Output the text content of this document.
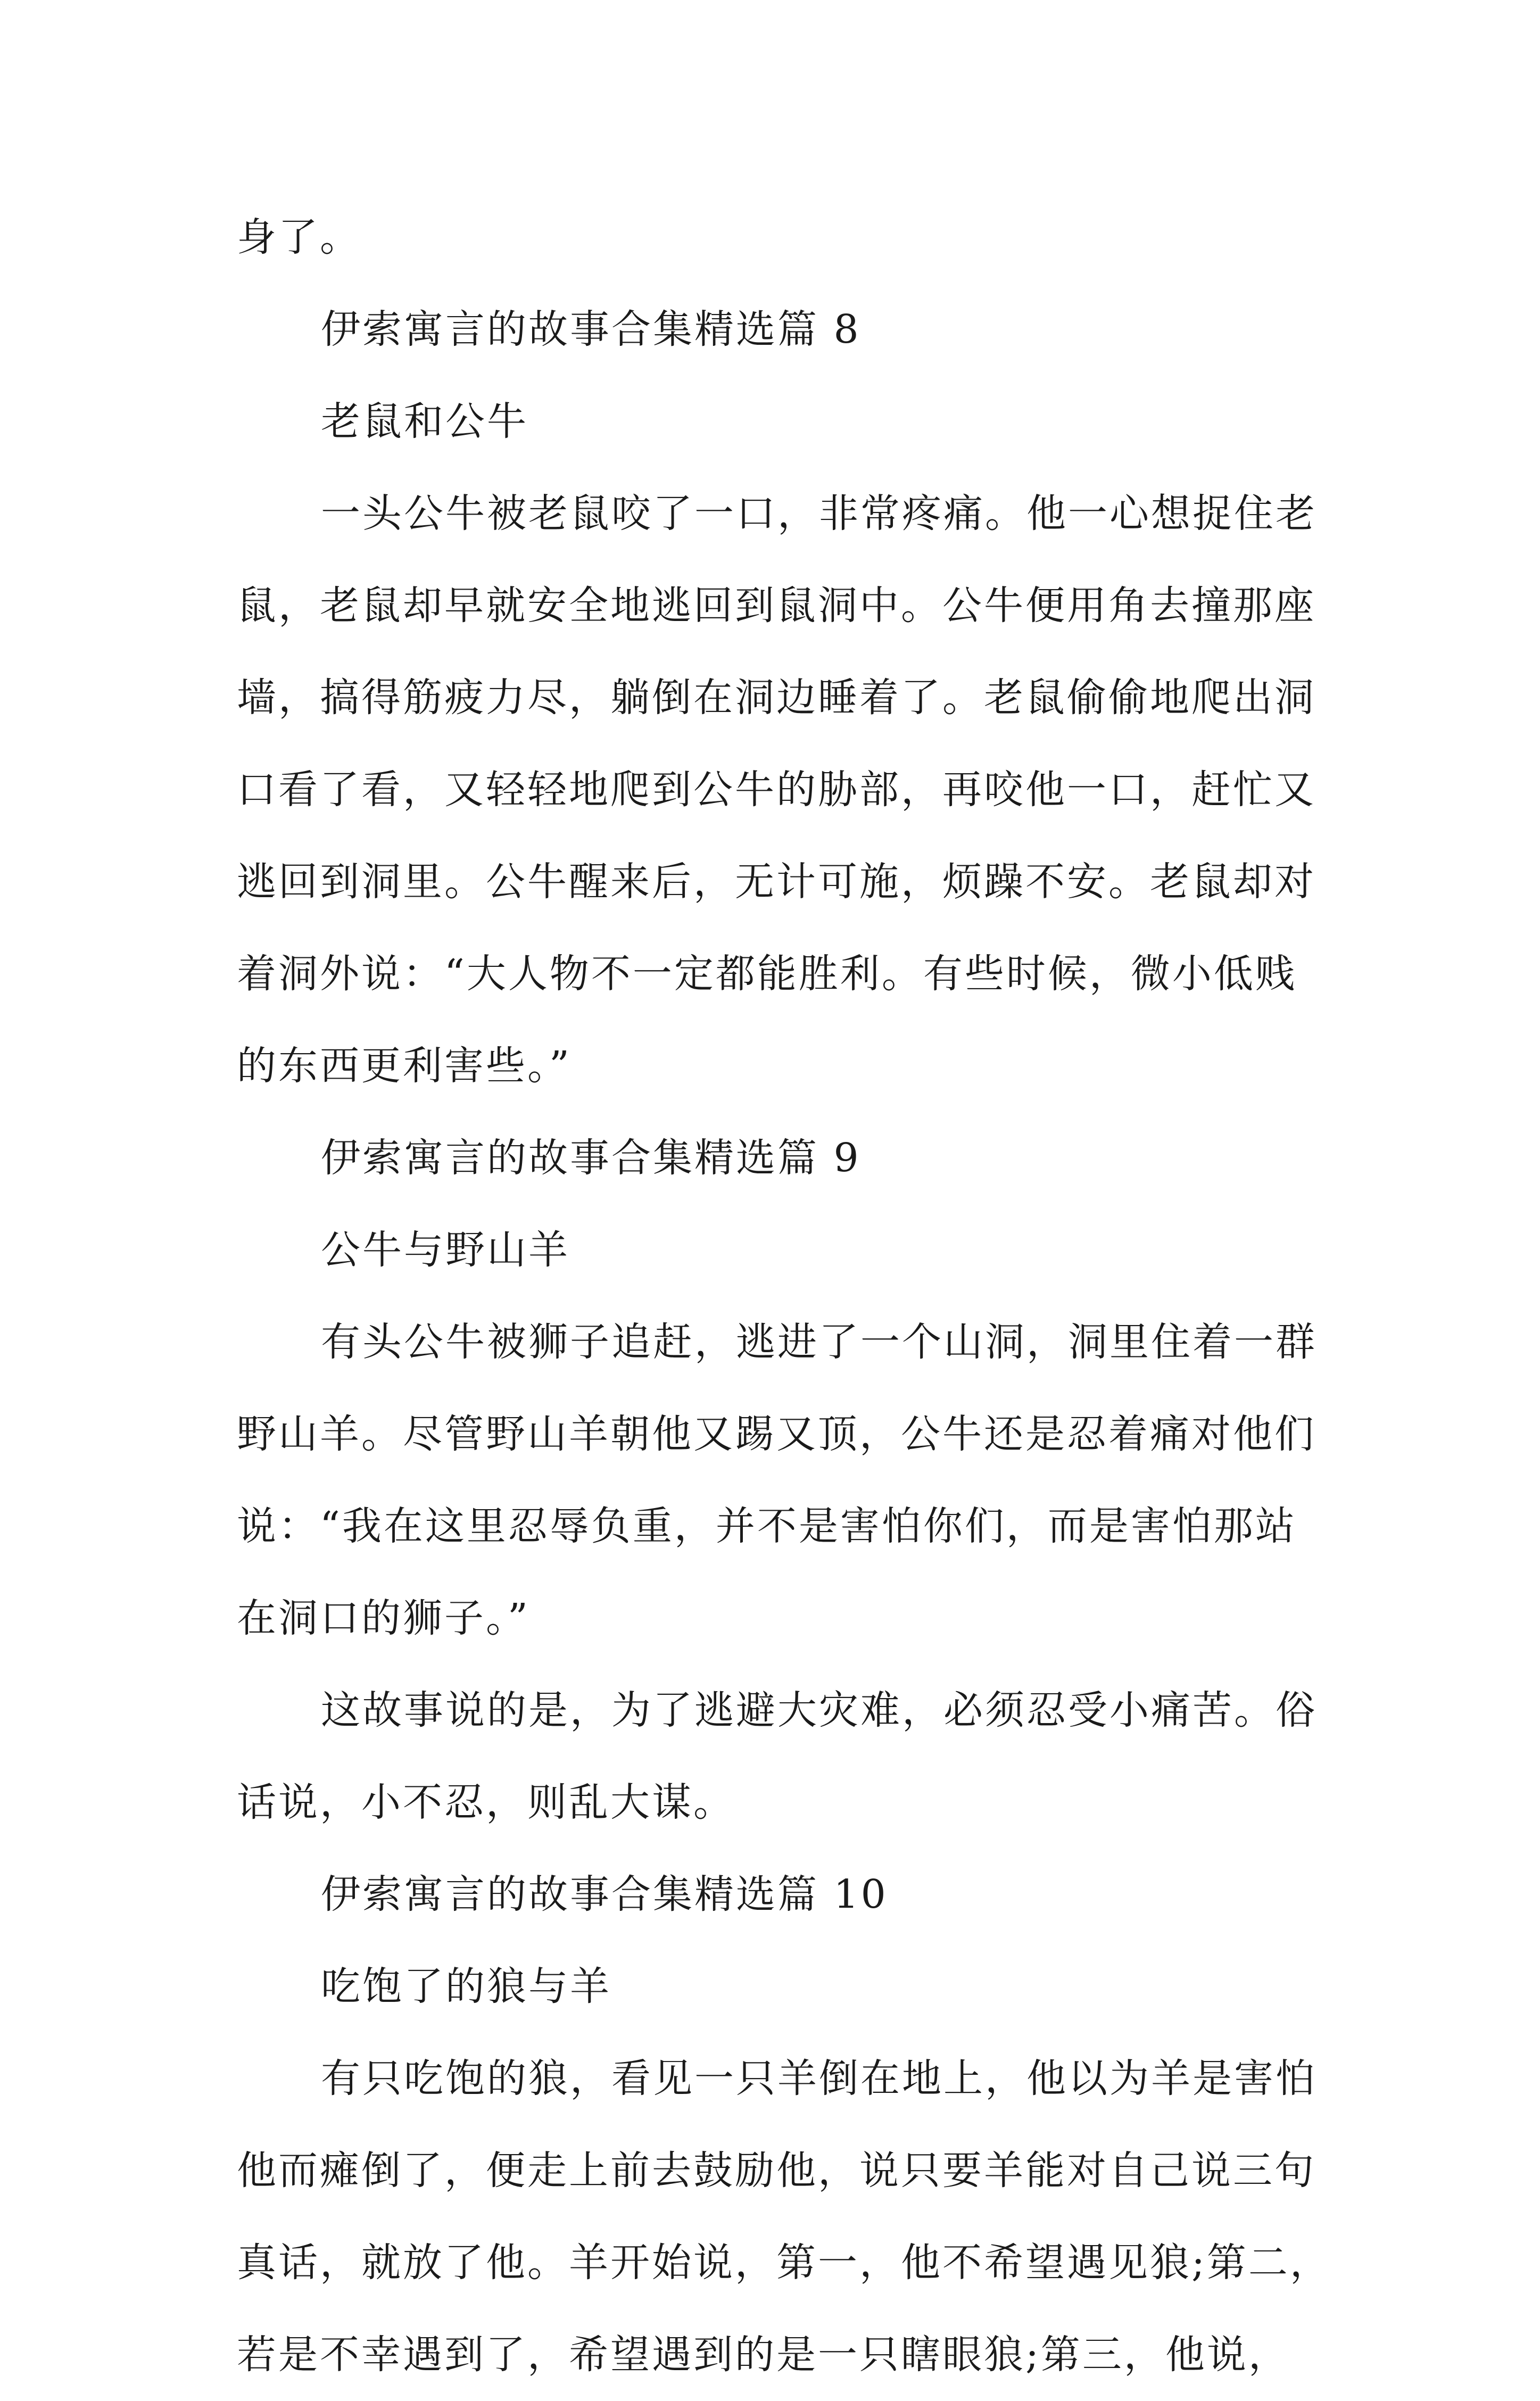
身了。

伊索寓言的故事合集精选篇 8

老鼠和公牛

一头公牛被老鼠咬了一口，非常疼痛。他一心想捉住老

鼠，老鼠却早就安全地逃回到鼠洞中。公牛便用角去撞那座

墙，搞得筋疲力尽，躺倒在洞边睡着了。老鼠偷偷地爬出洞

口看了看，又轻轻地爬到公牛的胁部，再咬他一口，赶忙又

逃回到洞里。公牛醒来后，无计可施，烦躁不安。老鼠却对

着洞外说：“大人物不一定都能胜利。有些时候，微小低贱

的东西更利害些。”

伊索寓言的故事合集精选篇 9

公牛与野山羊

有头公牛被狮子追赶，逃进了一个山洞，洞里住着一群

野山羊。尽管野山羊朝他又踢又顶，公牛还是忍着痛对他们

说：“我在这里忍辱负重，并不是害怕你们，而是害怕那站

在洞口的狮子。”

这故事说的是，为了逃避大灾难，必须忍受小痛苦。俗

话说，小不忍，则乱大谋。

伊索寓言的故事合集精选篇 10

吃饱了的狼与羊

有只吃饱的狼，看见一只羊倒在地上，他以为羊是害怕

他而瘫倒了，便走上前去鼓励他，说只要羊能对自己说三句

真话，就放了他。羊开始说，第一，他不希望遇见狼;第二，

若是不幸遇到了，希望遇到的是一只瞎眼狼;第三，他说，
